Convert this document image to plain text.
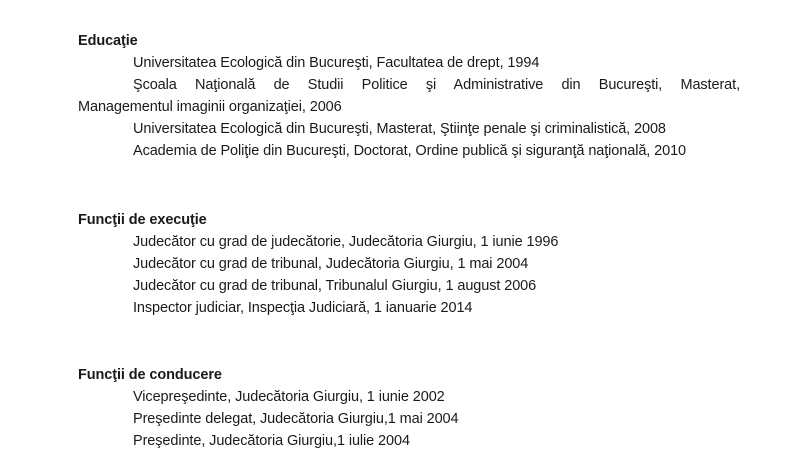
Educaţie

Universitatea Ecologică din Bucureşti, Facultatea de drept, 1994
Şcoala Naţională de Studii Politice şi Administrative din Bucureşti, Masterat,
Managementul imaginii organizaţiei, 2006
Universitatea Ecologică din Bucureşti, Masterat, Ştiinţe penale şi criminalistică, 2008
Academia de Poliţie din Bucureşti, Doctorat, Ordine publică şi siguranţă naţională, 2010

Funcţii de execuţie

Judecător cu grad de judecătorie, Judecătoria Giurgiu, 1 iunie 1996
Judecător cu grad de tribunal, Judecătoria Giurgiu, 1 mai 2004
Judecător cu grad de tribunal, Tribunalul Giurgiu, 1 august 2006
Inspector judiciar, Inspecţia Judiciară, 1 ianuarie 2014

Funcţii de conducere

Vicepreşedinte, Judecătoria Giurgiu, 1 iunie 2002
Preşedinte delegat, Judecătoria Giurgiu,1 mai 2004
Preşedinte, Judecătoria Giurgiu,1 iulie 2004
